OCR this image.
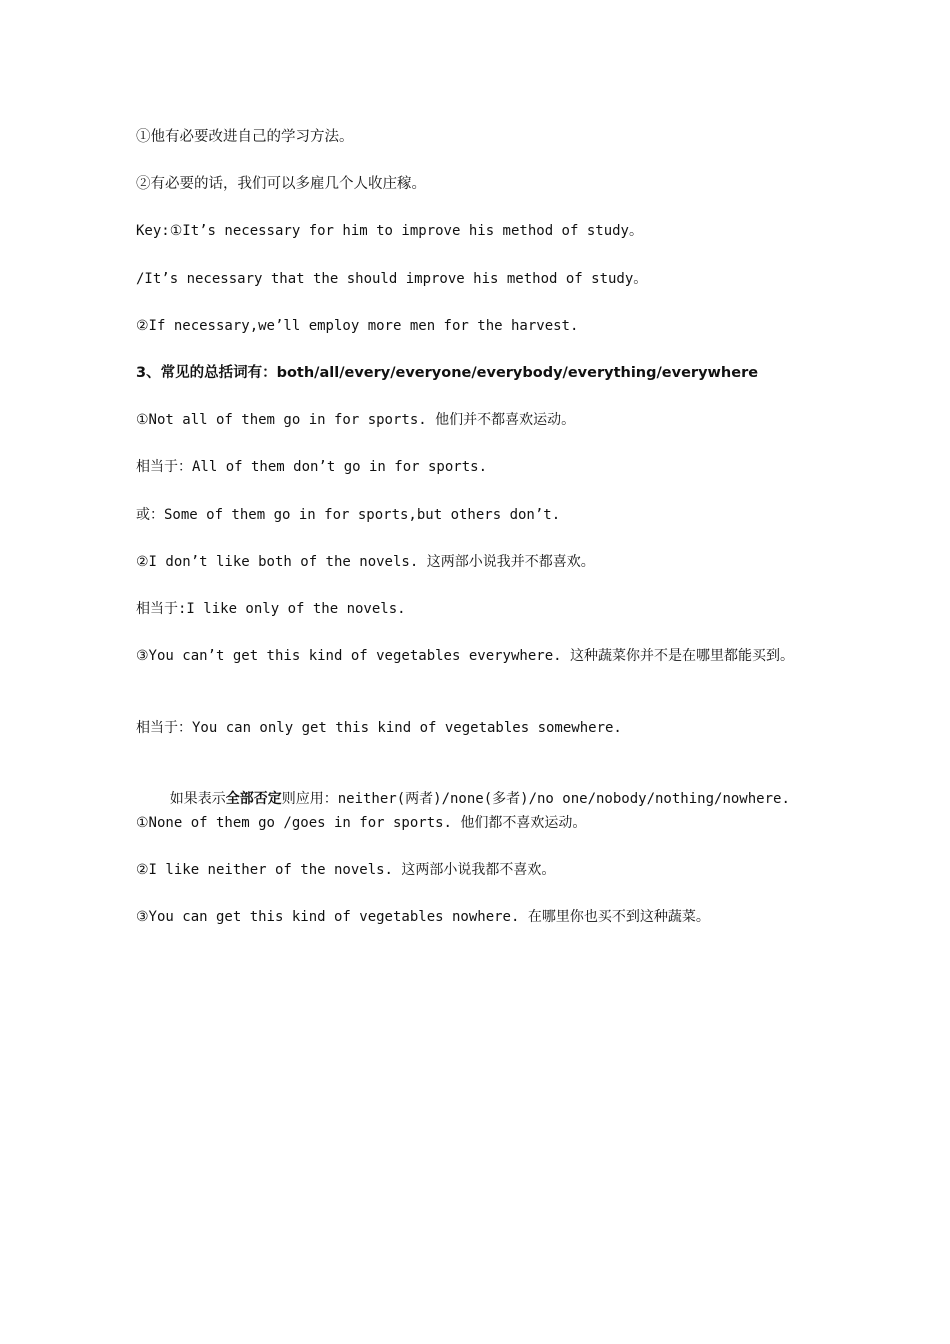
①他有必要改进自己的学习方法。
②有必要的话，我们可以多雇几个人收庄稼。
Key:①It’s necessary for him to improve his method of study。
/It’s necessary that the should improve his method of study。
②If necessary,we’ll employ more men for the harvest.
3、常见的总括词有：both/all/every/everyone/everybody/everything/everywhere
①Not all of them go in for sports. 他们并不都喜欢运动。
相当于：All of them don’t go in for sports.
或：Some of them go in for sports,but others don’t.
②I don’t like both of the novels. 这两部小说我并不都喜欢。
相当于:I like only of the novels.
③You can’t get this kind of vegetables everywhere. 这种蔬菜你并不是在哪里都能买到。
相当于：You can only get this kind of vegetables somewhere.

如果表示全部否定则应用：neither(两者)/none(多者)/no one/nobody/nothing/nowhere.

①None of them go /goes in for sports. 他们都不喜欢运动。
②I like neither of the novels. 这两部小说我都不喜欢。
③You can get this kind of vegetables nowhere. 在哪里你也买不到这种蔬菜。
